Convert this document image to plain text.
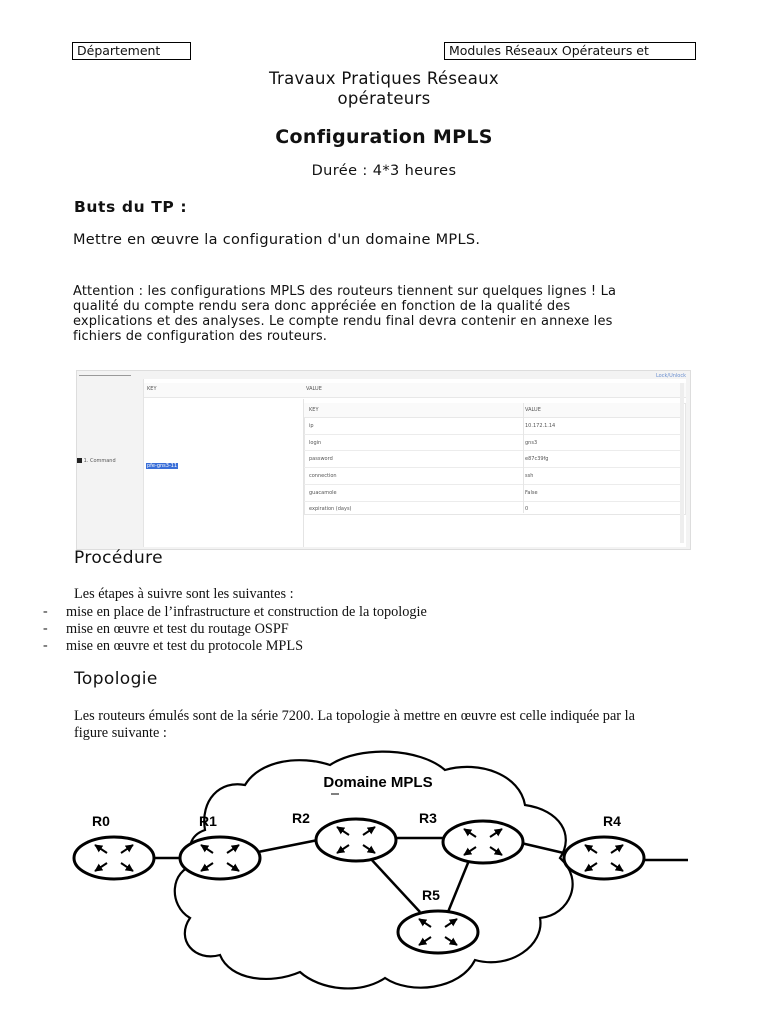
Département	Modules Réseaux Opérateurs et
Travaux Pratiques Réseaux
opérateurs
Configuration MPLS
Durée : 4*3 heures
Buts du TP :
Mettre en œuvre la configuration d'un domaine MPLS.
Attention : les configurations MPLS des routeurs tiennent sur quelques lignes ! La
qualité du compte rendu sera donc appréciée en fonction de la qualité des
explications et des analyses. Le compte rendu final devra contenir en annexe les
fichiers de configuration des routeurs.
1. Command
Lock/Unlock
KEY	VALUE
pfe-gns3-11
KEY	VALUE
ip	10.172.1.14
login	gns3
password	e87c39fg
connection	ssh
guacamole	False
expiration (days)	0
Procédure
Les étapes à suivre sont les suivantes :
- mise en place de l’infrastructure et construction de la topologie
- mise en œuvre et test du routage OSPF
- mise en œuvre et test du protocole MPLS
Topologie
Les routeurs émulés sont de la série 7200. La topologie à mettre en œuvre est celle indiquée par la
figure suivante :
Domaine MPLS
R0	R1	R2	R3	R4
R5
